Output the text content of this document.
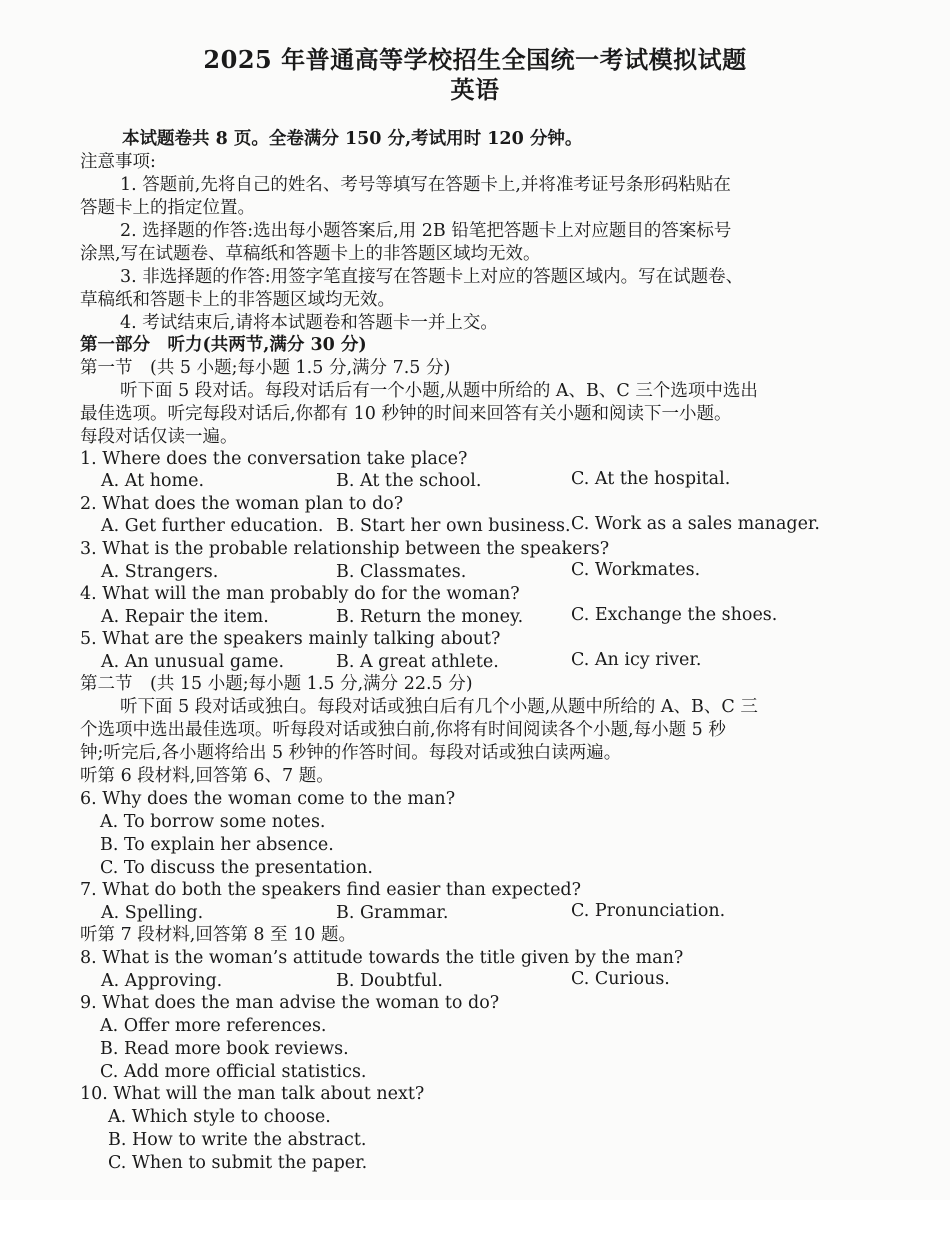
2025 年普通高等学校招生全国统一考试模拟试题
英语
本试题卷共 8 页。全卷满分 150 分,考试用时 120 分钟。
注意事项:
1. 答题前,先将自己的姓名、考号等填写在答题卡上,并将准考证号条形码粘贴在
答题卡上的指定位置。
2. 选择题的作答:选出每小题答案后,用 2B 铅笔把答题卡上对应题目的答案标号
涂黑,写在试题卷、草稿纸和答题卡上的非答题区域均无效。
3. 非选择题的作答:用签字笔直接写在答题卡上对应的答题区域内。写在试题卷、
草稿纸和答题卡上的非答题区域均无效。
4. 考试结束后,请将本试题卷和答题卡一并上交。
第一部分　听力(共两节,满分 30 分)
第一节　(共 5 小题;每小题 1.5 分,满分 7.5 分)
听下面 5 段对话。每段对话后有一个小题,从题中所给的 A、B、C 三个选项中选出
最佳选项。听完每段对话后,你都有 10 秒钟的时间来回答有关小题和阅读下一小题。
每段对话仅读一遍。
1. Where does the conversation take place?
A. At home.	B. At the school.	C. At the hospital.
2. What does the woman plan to do?
A. Get further education. B. Start her own business. C. Work as a sales manager.
3. What is the probable relationship between the speakers?
A. Strangers.	B. Classmates.	C. Workmates.
4. What will the man probably do for the woman?
A. Repair the item.	B. Return the money.	C. Exchange the shoes.
5. What are the speakers mainly talking about?
A. An unusual game.	B. A great athlete.	C. An icy river.
第二节　(共 15 小题;每小题 1.5 分,满分 22.5 分)
听下面 5 段对话或独白。每段对话或独白后有几个小题,从题中所给的 A、B、C 三
个选项中选出最佳选项。听每段对话或独白前,你将有时间阅读各个小题,每小题 5 秒
钟;听完后,各小题将给出 5 秒钟的作答时间。每段对话或独白读两遍。
听第 6 段材料,回答第 6、7 题。
6. Why does the woman come to the man?
A. To borrow some notes.
B. To explain her absence.
C. To discuss the presentation.
7. What do both the speakers find easier than expected?
A. Spelling.	B. Grammar.	C. Pronunciation.
听第 7 段材料,回答第 8 至 10 题。
8. What is the woman’s attitude towards the title given by the man?
A. Approving.	B. Doubtful.	C. Curious.
9. What does the man advise the woman to do?
A. Offer more references.
B. Read more book reviews.
C. Add more official statistics.
10. What will the man talk about next?
A. Which style to choose.
B. How to write the abstract.
C. When to submit the paper.
